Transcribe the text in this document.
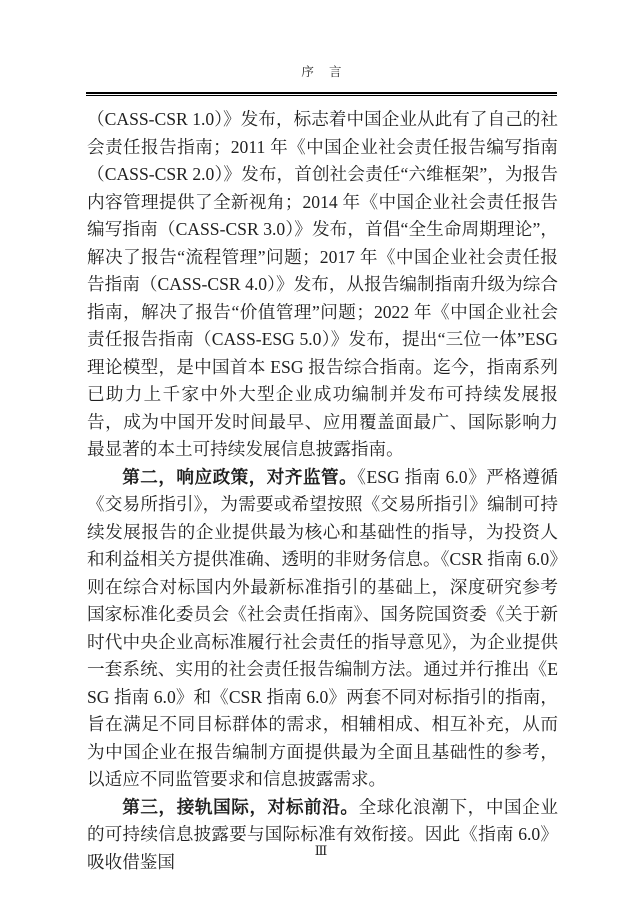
序 言

（CASS-CSR 1.0）》发布，标志着中国企业从此有了自己的社会责任报告指南；2011 年《中国企业社会责任报告编写指南（CASS-CSR 2.0）》发布，首创社会责任“六维框架”，为报告内容管理提供了全新视角；2014 年《中国企业社会责任报告编写指南（CASS-CSR 3.0）》发布，首倡“全生命周期理论”，解决了报告“流程管理”问题；2017 年《中国企业社会责任报告指南（CASS-CSR 4.0）》发布，从报告编制指南升级为综合指南，解决了报告“价值管理”问题；2022 年《中国企业社会责任报告指南（CASS-ESG 5.0）》发布，提出“三位一体”ESG 理论模型，是中国首本 ESG 报告综合指南。迄今，指南系列已助力上千家中外大型企业成功编制并发布可持续发展报告，成为中国开发时间最早、应用覆盖面最广、国际影响力最显著的本土可持续发展信息披露指南。

第二，响应政策，对齐监管。《ESG 指南 6.0》严格遵循《交易所指引》，为需要或希望按照《交易所指引》编制可持续发展报告的企业提供最为核心和基础性的指导，为投资人和利益相关方提供准确、透明的非财务信息。《CSR 指南 6.0》则在综合对标国内外最新标准指引的基础上，深度研究参考国家标准化委员会《社会责任指南》、国务院国资委《关于新时代中央企业高标准履行社会责任的指导意见》，为企业提供一套系统、实用的社会责任报告编制方法。通过并行推出《ESG 指南 6.0》和《CSR 指南 6.0》两套不同对标指引的指南，旨在满足不同目标群体的需求，相辅相成、相互补充，从而为中国企业在报告编制方面提供最为全面且基础性的参考，以适应不同监管要求和信息披露需求。

第三，接轨国际，对标前沿。全球化浪潮下，中国企业的可持续信息披露要与国际标准有效衔接。因此《指南 6.0》吸收借鉴国

Ⅲ
